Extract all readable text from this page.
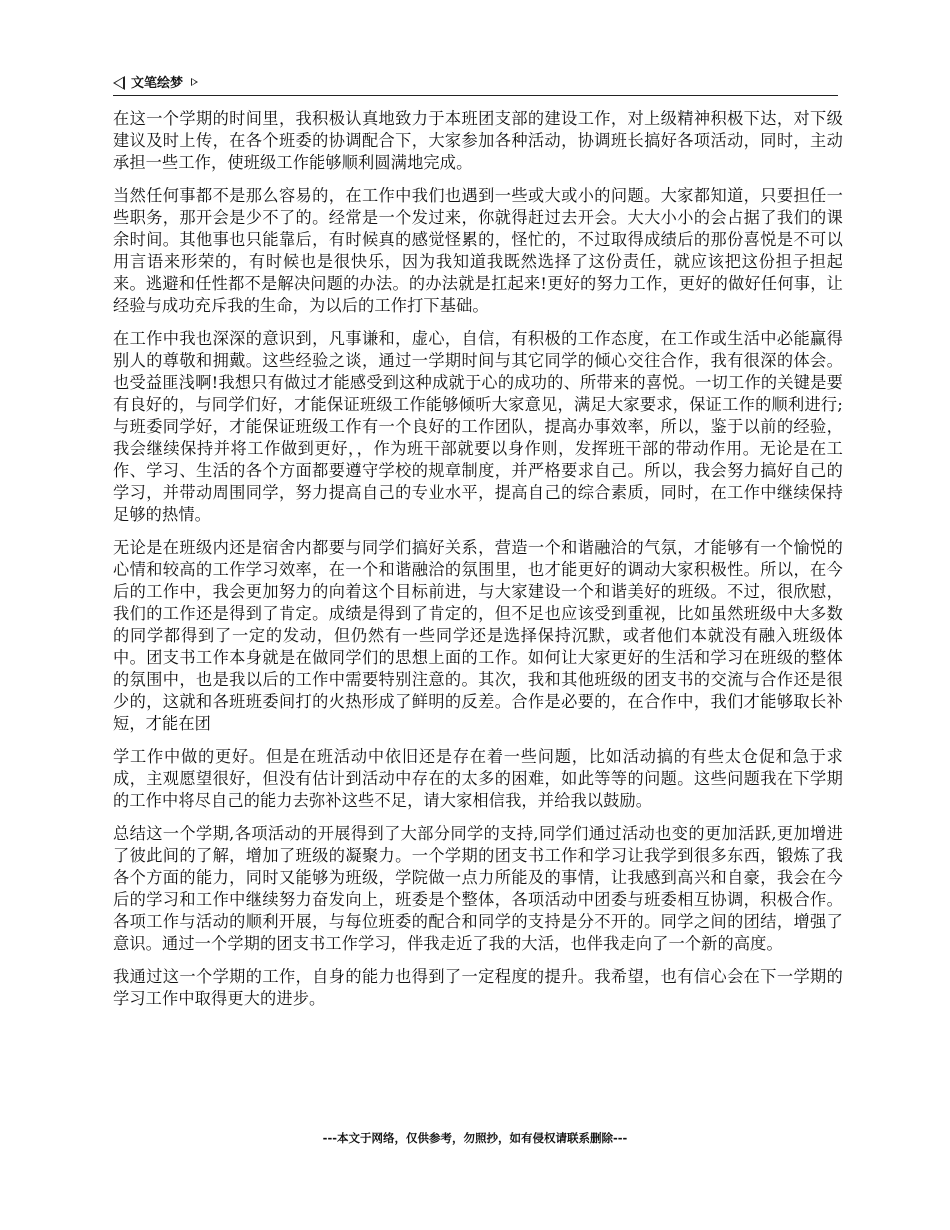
文笔绘梦

在这一个学期的时间里，我积极认真地致力于本班团支部的建设工作，对上级精神积极下达，对下级建议及时上传，在各个班委的协调配合下，大家参加各种活动，协调班长搞好各项活动，同时，主动承担一些工作，使班级工作能够顺利圆满地完成。

当然任何事都不是那么容易的，在工作中我们也遇到一些或大或小的问题。大家都知道，只要担任一些职务，那开会是少不了的。经常是一个发过来，你就得赶过去开会。大大小小的会占据了我们的课余时间。其他事也只能靠后，有时候真的感觉怪累的，怪忙的，不过取得成绩后的那份喜悦是不可以用言语来形荣的，有时候也是很快乐，因为我知道我既然选择了这份责任，就应该把这份担子担起来。逃避和任性都不是解决问题的办法。的办法就是扛起来!更好的努力工作，更好的做好任何事，让经验与成功充斥我的生命，为以后的工作打下基础。

在工作中我也深深的意识到，凡事谦和，虚心，自信，有积极的工作态度，在工作或生活中必能赢得别人的尊敬和拥戴。这些经验之谈，通过一学期时间与其它同学的倾心交往合作，我有很深的体会。也受益匪浅啊!我想只有做过才能感受到这种成就于心的成功的、所带来的喜悦。一切工作的关键是要有良好的，与同学们好，才能保证班级工作能够倾听大家意见，满足大家要求，保证工作的顺利进行;与班委同学好，才能保证班级工作有一个良好的工作团队，提高办事效率，所以，鉴于以前的经验，我会继续保持并将工作做到更好，，作为班干部就要以身作则，发挥班干部的带动作用。无论是在工作、学习、生活的各个方面都要遵守学校的规章制度，并严格要求自己。所以，我会努力搞好自己的学习，并带动周围同学，努力提高自己的专业水平，提高自己的综合素质，同时，在工作中继续保持足够的热情。

无论是在班级内还是宿舍内都要与同学们搞好关系，营造一个和谐融洽的气氛，才能够有一个愉悦的心情和较高的工作学习效率，在一个和谐融洽的氛围里，也才能更好的调动大家积极性。所以，在今后的工作中，我会更加努力的向着这个目标前进，与大家建设一个和谐美好的班级。不过，很欣慰，我们的工作还是得到了肯定。成绩是得到了肯定的，但不足也应该受到重视，比如虽然班级中大多数的同学都得到了一定的发动，但仍然有一些同学还是选择保持沉默，或者他们本就没有融入班级体中。团支书工作本身就是在做同学们的思想上面的工作。如何让大家更好的生活和学习在班级的整体的氛围中，也是我以后的工作中需要特别注意的。其次，我和其他班级的团支书的交流与合作还是很少的，这就和各班班委间打的火热形成了鲜明的反差。合作是必要的，在合作中，我们才能够取长补短，才能在团

学工作中做的更好。但是在班活动中依旧还是存在着一些问题，比如活动搞的有些太仓促和急于求成，主观愿望很好，但没有估计到活动中存在的太多的困难，如此等等的问题。这些问题我在下学期的工作中将尽自己的能力去弥补这些不足，请大家相信我，并给我以鼓励。

总结这一个学期,各项活动的开展得到了大部分同学的支持,同学们通过活动也变的更加活跃,更加增进了彼此间的了解，增加了班级的凝聚力。一个学期的团支书工作和学习让我学到很多东西，锻炼了我各个方面的能力，同时又能够为班级，学院做一点力所能及的事情，让我感到高兴和自豪，我会在今后的学习和工作中继续努力奋发向上，班委是个整体，各项活动中团委与班委相互协调，积极合作。各项工作与活动的顺利开展，与每位班委的配合和同学的支持是分不开的。同学之间的团结，增强了意识。通过一个学期的团支书工作学习，伴我走近了我的大活，也伴我走向了一个新的高度。

我通过这一个学期的工作，自身的能力也得到了一定程度的提升。我希望，也有信心会在下一学期的学习工作中取得更大的进步。

---本文于网络，仅供参考，勿照抄，如有侵权请联系删除---
